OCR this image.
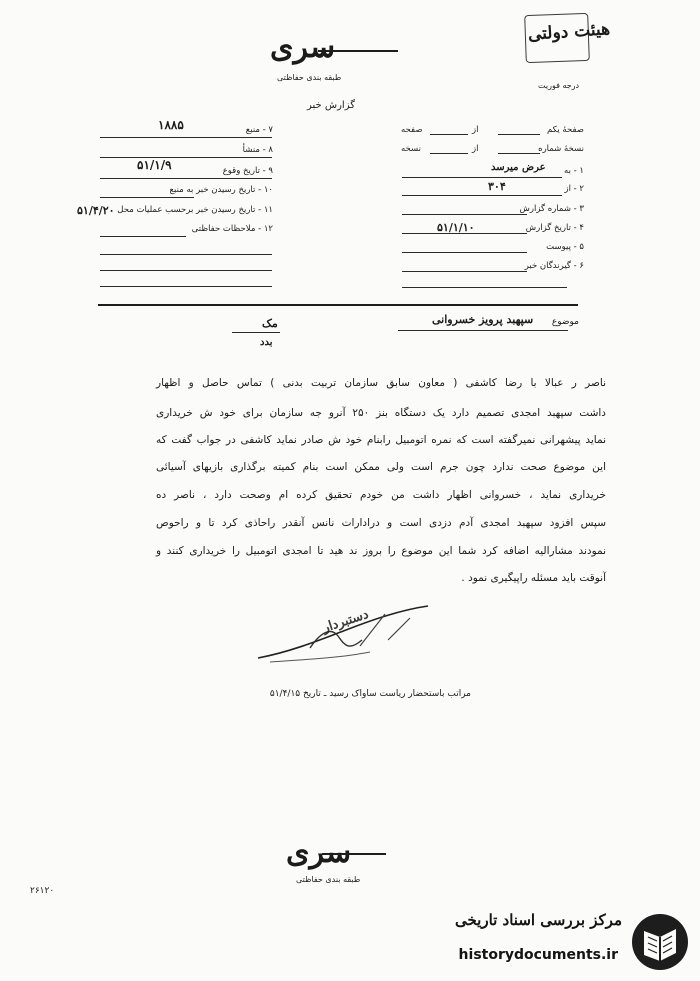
سری
طبقه بندی حفاظتی
گزارش خبر
هیئت دولتی
درجه فوریت
۷ - منبع
۱۸۸۵
۸ - منشأ
۹ - تاریخ وقوع
۵۱/۱/۹
۱۰ - تاریخ رسیدن خبر به منبع
۱۱ - تاریخ رسیدن خبر برحسب عملیات محل
۵۱/۴/۲۰
۱۲ - ملاحظات حفاظتی
صفحهٔ یکم
از
صفحه
نسخهٔ شماره
از
نسخه
۱ - به
عرض میرسد
۲ - از
۳۰۴
۳ - شماره گزارش
۴ - تاریخ گزارش
۵۱/۱/۱۰
۵ - پیوست
۶ - گیرندگان خبر
موضوع
سپهبد پرویز خسروانی
مک
بدد
ناصر ر عبالا با رضا کاشفی ( معاون سابق سازمان تربیت بدنی ) تماس حاصل و اظهار
داشت سپهبد امجدی تصمیم دارد یک دستگاه بنز ۲۵۰ آنرو جه سازمان برای خود ش خریداری
نماید پیشهرانی نمیرگفته است که نمره اتومبیل رابنام خود ش صادر نماید کاشفی در جواب گفت که
این موضوع صحت ندارد چون جرم است ولی ممکن است بنام کمیته برگذاری بازیهای آسیائی
خریداری نماید ، خسروانی اظهار داشت من خودم تحقیق کرده ام وصحت دارد ، ناصر ده
سپس افزود سپهبد امجدی آدم دزدی است و درادارات نانس آنقدر راحاذی کرد تا و راحوص
نمودند مشارالیه اضافه کرد شما این موضوع را بروز ند هید تا امجدی اتومبیل را خریداری کنند و
آنوقت باید مسئله راپیگیری نمود .
دستبردار
مراتب باستحضار ریاست ساواک رسید ـ تاریخ ۵۱/۴/۱۵
سری
طبقه بندی حفاظتی
۲۶۱۲۰
مرکز بررسی اسناد تاریخی
historydocuments.ir
